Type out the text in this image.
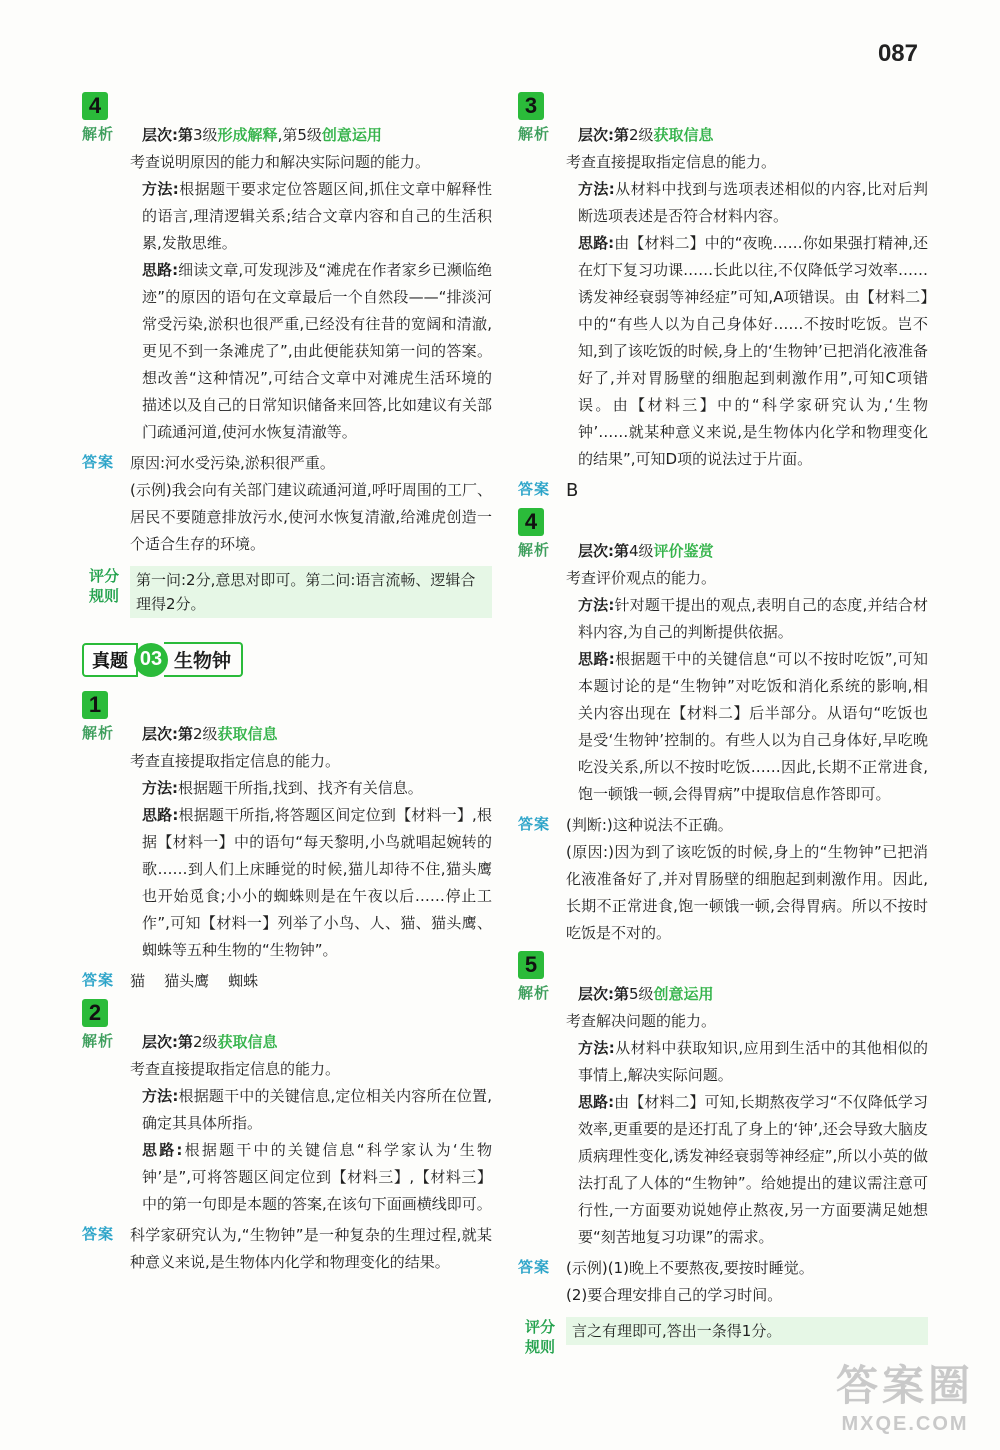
087
4
解析	层次:第3级形成解释,第5级创意运用
考查说明原因的能力和解决实际问题的能力。
方法:根据题干要求定位答题区间,抓住文章中解释性的语言,理清逻辑关系;结合文章内容和自己的生活积累,发散思维。
思路:细读文章,可发现涉及“滩虎在作者家乡已濒临绝迹”的原因的语句在文章最后一个自然段——“排淡河常受污染,淤积也很严重,已经没有往昔的宽阔和清澈,更见不到一条滩虎了”,由此便能获知第一问的答案。想改善“这种情况”,可结合文章中对滩虎生活环境的描述以及自己的日常知识储备来回答,比如建议有关部门疏通河道,使河水恢复清澈等。
答案 原因:河水受污染,淤积很严重。
(示例)我会向有关部门建议疏通河道,呼吁周围的工厂、居民不要随意排放污水,使河水恢复清澈,给滩虎创造一个适合生存的环境。
评分规则
第一问:2分,意思对即可。第二问:语言流畅、逻辑合理得2分。
真题 03 生物钟
1
解析	层次:第2级获取信息
考查直接提取指定信息的能力。
方法:根据题干所指,找到、找齐有关信息。
思路:根据题干所指,将答题区间定位到【材料一】,根据【材料一】中的语句“每天黎明,小鸟就唱起婉转的歌……到人们上床睡觉的时候,猫儿却待不住,猫头鹰也开始觅食;小小的蜘蛛则是在午夜以后……停止工作”,可知【材料一】列举了小鸟、人、猫、猫头鹰、蜘蛛等五种生物的“生物钟”。
答案 猫    猫头鹰    蜘蛛
2
解析	层次:第2级获取信息
考查直接提取指定信息的能力。
方法:根据题干中的关键信息,定位相关内容所在位置,确定其具体所指。
思路:根据题干中的关键信息“科学家认为‘生物钟’是”,可将答题区间定位到【材料三】,【材料三】中的第一句即是本题的答案,在该句下面画横线即可。
答案 科学家研究认为,“生物钟”是一种复杂的生理过程,就某种意义来说,是生物体内化学和物理变化的结果。
3
解析	层次:第2级获取信息
考查直接提取指定信息的能力。
方法:从材料中找到与选项表述相似的内容,比对后判断选项表述是否符合材料内容。
思路:由【材料二】中的“夜晚……你如果强打精神,还在灯下复习功课……长此以往,不仅降低学习效率……诱发神经衰弱等神经症”可知,A项错误。由【材料二】中的“有些人以为自己身体好……不按时吃饭。岂不知,到了该吃饭的时候,身上的‘生物钟’已把消化液准备好了,并对胃肠壁的细胞起到刺激作用”,可知C项错误。由【材料三】中的“科学家研究认为,‘生物钟’……就某种意义来说,是生物体内化学和物理变化的结果”,可知D项的说法过于片面。
答案 B
4
解析	层次:第4级评价鉴赏
考查评价观点的能力。
方法:针对题干提出的观点,表明自己的态度,并结合材料内容,为自己的判断提供依据。
思路:根据题干中的关键信息“可以不按时吃饭”,可知本题讨论的是“生物钟”对吃饭和消化系统的影响,相关内容出现在【材料二】后半部分。从语句“吃饭也是受‘生物钟’控制的。有些人以为自己身体好,早吃晚吃没关系,所以不按时吃饭……因此,长期不正常进食,饱一顿饿一顿,会得胃病”中提取信息作答即可。
答案 (判断:)这种说法不正确。
(原因:)因为到了该吃饭的时候,身上的“生物钟”已把消化液准备好了,并对胃肠壁的细胞起到刺激作用。因此,长期不正常进食,饱一顿饿一顿,会得胃病。所以不按时吃饭是不对的。
5
解析	层次:第5级创意运用
考查解决问题的能力。
方法:从材料中获取知识,应用到生活中的其他相似的事情上,解决实际问题。
思路:由【材料二】可知,长期熬夜学习“不仅降低学习效率,更重要的是还打乱了身上的‘钟’,还会导致大脑皮质病理性变化,诱发神经衰弱等神经症”,所以小英的做法打乱了人体的“生物钟”。给她提出的建议需注意可行性,一方面要劝说她停止熬夜,另一方面要满足她想要“刻苦地复习功课”的需求。
答案 (示例)(1)晚上不要熬夜,要按时睡觉。
(2)要合理安排自己的学习时间。
评分规则
言之有理即可,答出一条得1分。
答案圈
MXQE.COM
